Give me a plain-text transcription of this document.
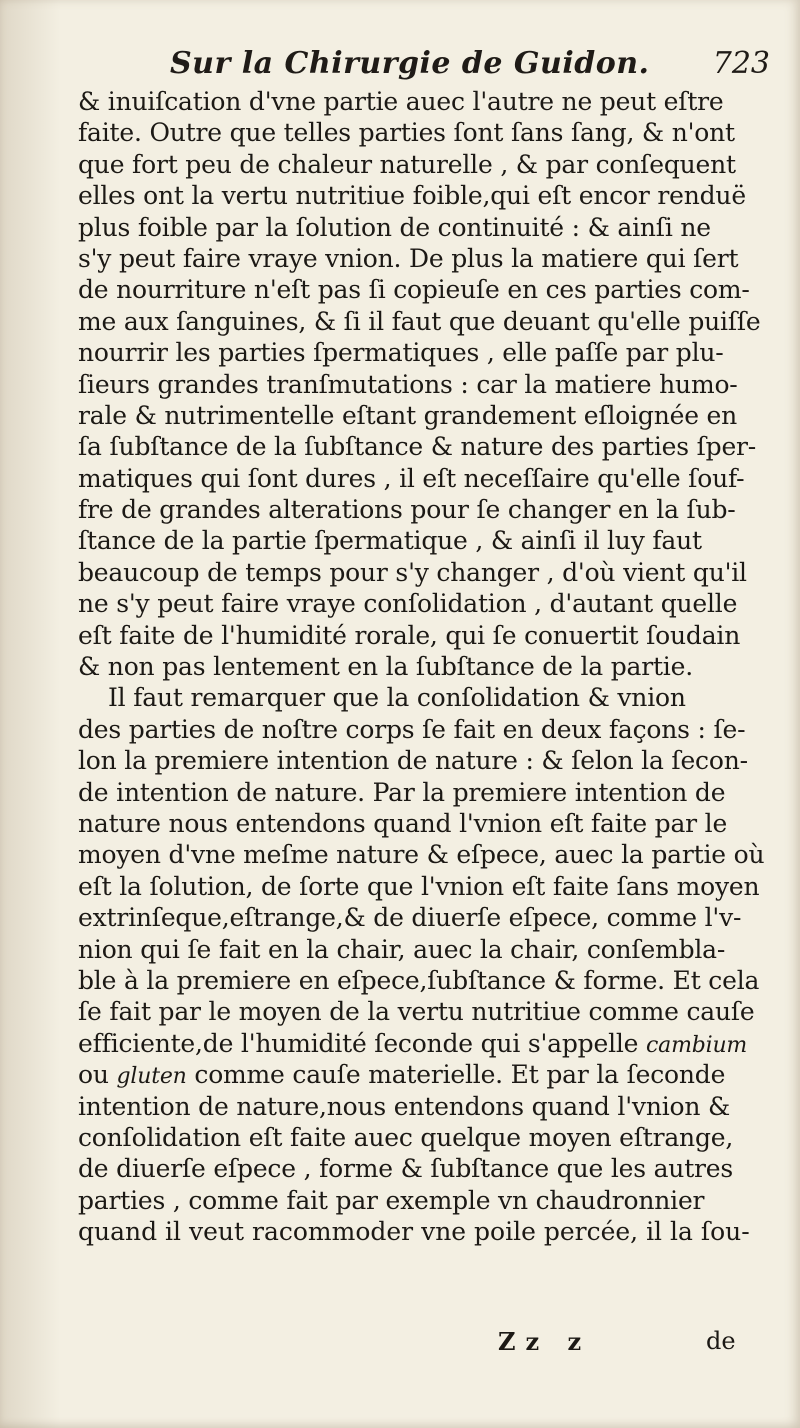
Sur la Chirurgie de Guidon. 723
& inuiſcation d'vne partie auec l'autre ne peut eſtre
faite. Outre que telles parties ſont ſans ſang, & n'ont
que fort peu de chaleur naturelle , & par conſequent
elles ont la vertu nutritiue foible,qui eſt encor renduë
plus foible par la ſolution de continuité : & ainſi ne
s'y peut faire vraye vnion. De plus la matiere qui ſert
de nourriture n'eſt pas ſi copieuſe en ces parties com-
me aux ſanguines, & ſi il faut que deuant qu'elle puiſſe
nourrir les parties ſpermatiques , elle paſſe par plu-
ſieurs grandes tranſmutations : car la matiere humo-
rale & nutrimentelle eſtant grandement eſloignée en
ſa ſubſtance de la ſubſtance & nature des parties ſper-
matiques qui ſont dures , il eſt neceſſaire qu'elle ſouf-
fre de grandes alterations pour ſe changer en la ſub-
ſtance de la partie ſpermatique , & ainſi il luy faut
beaucoup de temps pour s'y changer , d'où vient qu'il
ne s'y peut faire vraye conſolidation , d'autant quelle
eſt faite de l'humidité rorale, qui ſe conuertit ſoudain
& non pas lentement en la ſubſtance de la partie.
Il faut remarquer que la conſolidation & vnion
des parties de noſtre corps ſe fait en deux façons : ſe-
lon la premiere intention de nature : & ſelon la ſecon-
de intention de nature. Par la premiere intention de
nature nous entendons quand l'vnion eſt faite par le
moyen d'vne meſme nature & eſpece, auec la partie où
eſt la ſolution, de ſorte que l'vnion eſt faite ſans moyen
extrinſeque,eſtrange,& de diuerſe eſpece, comme l'v-
nion qui ſe fait en la chair, auec la chair, conſembla-
ble à la premiere en eſpece,ſubſtance & forme. Et cela
ſe fait par le moyen de la vertu nutritiue comme cauſe
efficiente,de l'humidité ſeconde qui s'appelle cambium
ou gluten comme cauſe materielle. Et par la ſeconde
intention de nature,nous entendons quand l'vnion &
conſolidation eſt faite auec quelque moyen eſtrange,
de diuerſe eſpece , forme & ſubſtance que les autres
parties , comme fait par exemple vn chaudronnier
quand il veut racommoder vne poile percée, il la ſou-
Zz z	de
